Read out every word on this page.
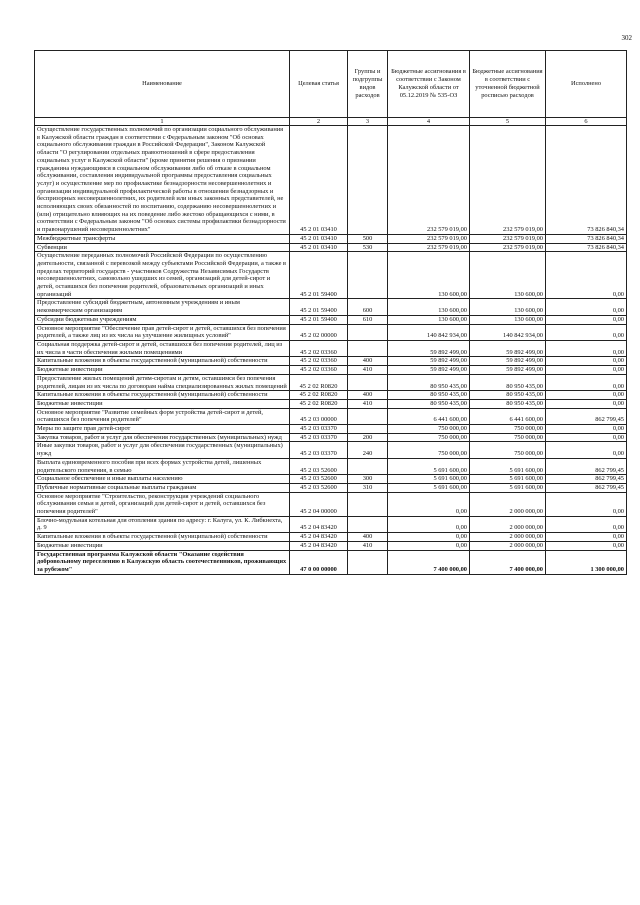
302
Наименование	Целевая статья	Группы и подгруппы видов расходов	Бюджетные ассигнования в соответствии с Законом Калужской области от 05.12.2019 № 535-ОЗ	Бюджетные ассигнования в соответствии с уточненной бюджетной росписью расходов	Исполнено
1	2	3	4	5	6
Осуществление государственных полномочий по организации социального обслуживания в Калужской области граждан в соответствии с Федеральным законом "Об основах социального обслуживания граждан в Российской Федерации", Законом Калужской области "О регулировании отдельных правоотношений в сфере предоставления социальных услуг в Калужской области" (кроме принятия решения о признании гражданина нуждающимся в социальном обслуживании либо об отказе в социальном обслуживании, составления индивидуальной программы предоставления социальных услуг) и осуществление мер по профилактике безнадзорности несовершеннолетних и организации индивидуальной профилактической работы в отношении безнадзорных и беспризорных несовершеннолетних, их родителей или иных законных представителей, не исполняющих своих обязанностей по воспитанию, содержанию несовершеннолетних и (или) отрицательно влияющих на их поведение либо жестоко обращающихся с ними, в соответствии с Федеральным законом "Об основах системы профилактики безнадзорности и правонарушений несовершеннолетних"	45 2 01 03410		232 579 019,00	232 579 019,00	73 826 840,34
Межбюджетные трансферты	45 2 01 03410	500	232 579 019,00	232 579 019,00	73 826 840,34
Субвенции	45 2 01 03410	530	232 579 019,00	232 579 019,00	73 826 840,34
Осуществление переданных полномочий Российской Федерации по осуществлению деятельности, связанной с перевозкой между субъектами Российской Федерации, а также в пределах территорий государств - участников Содружества Независимых Государств несовершеннолетних, самовольно ушедших из семей, организаций для детей-сирот и детей, оставшихся без попечения родителей, образовательных организаций и иных организаций	45 2 01 59400		130 600,00	130 600,00	0,00
Предоставление субсидий бюджетным, автономным учреждениям и иным некоммерческим организациям	45 2 01 59400	600	130 600,00	130 600,00	0,00
Субсидии бюджетным учреждениям	45 2 01 59400	610	130 600,00	130 600,00	0,00
Основное мероприятие "Обеспечение прав детей-сирот и детей, оставшихся без попечения родителей, а также лиц из их числа на улучшение жилищных условий"	45 2 02 00000		140 842 934,00	140 842 934,00	0,00
Социальная поддержка детей-сирот и детей, оставшихся без попечения родителей, лиц из их числа в части обеспечения жилыми помещениями	45 2 02 03360		59 892 499,00	59 892 499,00	0,00
Капитальные вложения в объекты государственной (муниципальной) собственности	45 2 02 03360	400	59 892 499,00	59 892 499,00	0,00
Бюджетные инвестиции	45 2 02 03360	410	59 892 499,00	59 892 499,00	0,00
Предоставление жилых помещений детям-сиротам и детям, оставшимся без попечения родителей, лицам из их числа по договорам найма специализированных жилых помещений	45 2 02 R0820		80 950 435,00	80 950 435,00	0,00
Капитальные вложения в объекты государственной (муниципальной) собственности	45 2 02 R0820	400	80 950 435,00	80 950 435,00	0,00
Бюджетные инвестиции	45 2 02 R0820	410	80 950 435,00	80 950 435,00	0,00
Основное мероприятие "Развитие семейных форм устройства детей-сирот и детей, оставшихся без попечения родителей"	45 2 03 00000		6 441 600,00	6 441 600,00	862 799,45
Меры по защите прав детей-сирот	45 2 03 03370		750 000,00	750 000,00	0,00
Закупка товаров, работ и услуг для обеспечения государственных (муниципальных) нужд	45 2 03 03370	200	750 000,00	750 000,00	0,00
Иные закупки товаров, работ и услуг для обеспечения государственных (муниципальных) нужд	45 2 03 03370	240	750 000,00	750 000,00	0,00
Выплата единовременного пособия при всех формах устройства детей, лишенных родительского попечения, в семью	45 2 03 52600		5 691 600,00	5 691 600,00	862 799,45
Социальное обеспечение и иные выплаты населению	45 2 03 52600	300	5 691 600,00	5 691 600,00	862 799,45
Публичные нормативные социальные выплаты гражданам	45 2 03 52600	310	5 691 600,00	5 691 600,00	862 799,45
Основное мероприятие "Строительство, реконструкция учреждений социального обслуживания семьи и детей, организаций для детей-сирот и детей, оставшихся без попечения родителей"	45 2 04 00000		0,00	2 000 000,00	0,00
Блочно-модульная котельная для отопления здания по адресу: г. Калуга, ул. К. Либкнехта, д. 9	45 2 04 83420		0,00	2 000 000,00	0,00
Капитальные вложения в объекты государственной (муниципальной) собственности	45 2 04 83420	400	0,00	2 000 000,00	0,00
Бюджетные инвестиции	45 2 04 83420	410	0,00	2 000 000,00	0,00
Государственная программа Калужской области "Оказание содействия добровольному переселению в Калужскую область соотечественников, проживающих за рубежом"	47 0 00 00000		7 400 000,00	7 400 000,00	1 300 000,00
